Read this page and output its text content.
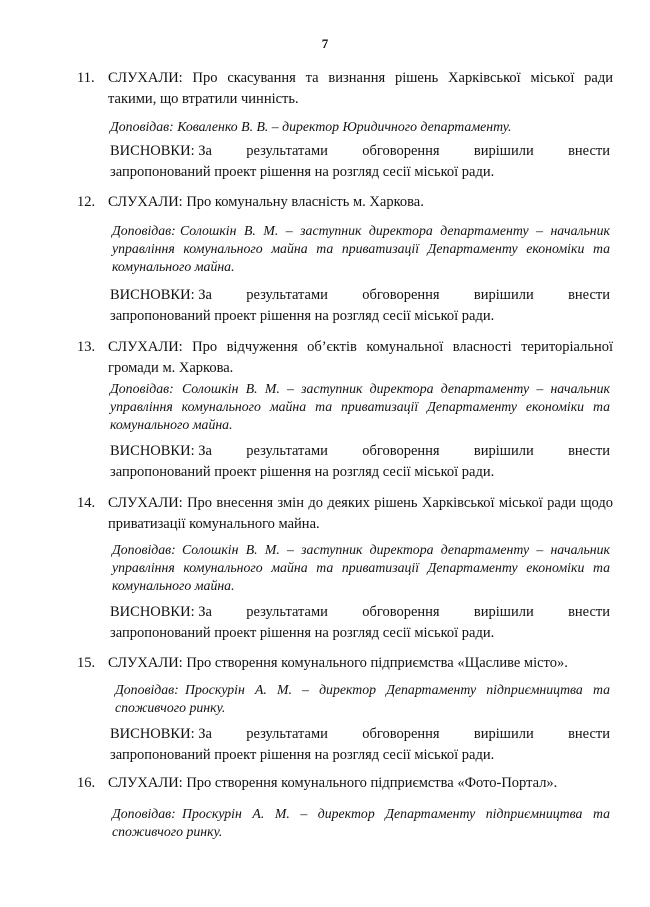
7
11. СЛУХАЛИ: Про скасування та визнання рішень Харківської міської ради такими, що втратили чинність.
Доповідав: Коваленко В. В. – директор Юридичного департаменту.
ВИСНОВКИ: За результатами обговорення вирішили внести
запропонований проект рішення на розгляд сесії міської ради.
12. СЛУХАЛИ: Про комунальну власність м. Харкова.
Доповідав: Солошкін В. М. – заступник директора департаменту – начальник управління комунального майна та приватизації Департаменту економіки та комунального майна.
ВИСНОВКИ: За результатами обговорення вирішили внести
запропонований проект рішення на розгляд сесії міської ради.
13. СЛУХАЛИ: Про відчуження об’єктів комунальної власності територіальної громади м. Харкова.
Доповідав: Солошкін В. М. – заступник директора департаменту – начальник управління комунального майна та приватизації Департаменту економіки та комунального майна.
ВИСНОВКИ: За результатами обговорення вирішили внести
запропонований проект рішення на розгляд сесії міської ради.
14. СЛУХАЛИ: Про внесення змін до деяких рішень Харківської міської ради щодо приватизації комунального майна.
Доповідав: Солошкін В. М. – заступник директора департаменту – начальник управління комунального майна та приватизації Департаменту економіки та комунального майна.
ВИСНОВКИ: За результатами обговорення вирішили внести
запропонований проект рішення на розгляд сесії міської ради.
15. СЛУХАЛИ: Про створення комунального підприємства «Щасливе місто».
Доповідав: Проскурін А. М. – директор Департаменту підприємництва та споживчого ринку.
ВИСНОВКИ: За результатами обговорення вирішили внести
запропонований проект рішення на розгляд сесії міської ради.
16. СЛУХАЛИ: Про створення комунального підприємства «Фото-Портал».
Доповідав: Проскурін А. М. – директор Департаменту підприємництва та споживчого ринку.
